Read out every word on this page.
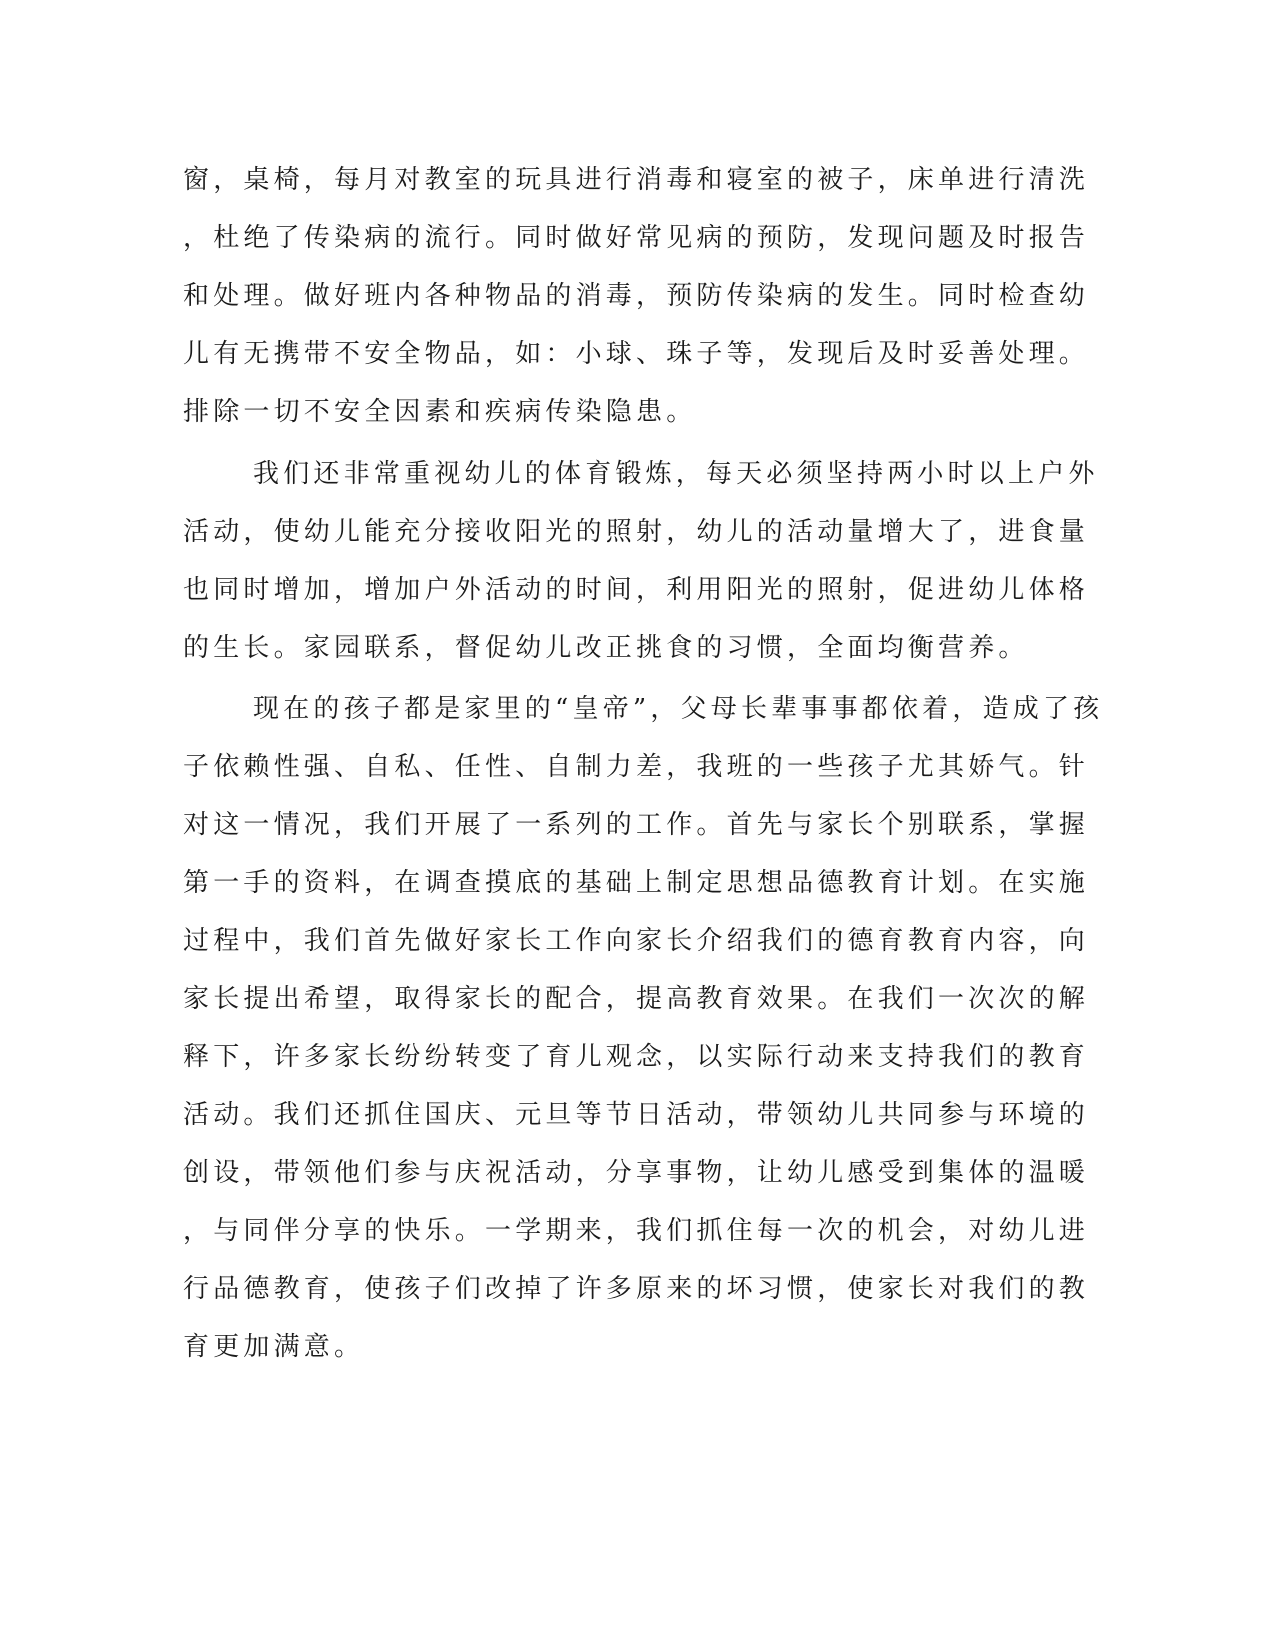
窗，桌椅，每月对教室的玩具进行消毒和寝室的被子，床单进行清洗
，杜绝了传染病的流行。同时做好常见病的预防，发现问题及时报告
和处理。做好班内各种物品的消毒，预防传染病的发生。同时检查幼
儿有无携带不安全物品，如：小球、珠子等，发现后及时妥善处理。
排除一切不安全因素和疾病传染隐患。
我们还非常重视幼儿的体育锻炼，每天必须坚持两小时以上户外
活动，使幼儿能充分接收阳光的照射，幼儿的活动量增大了，进食量
也同时增加，增加户外活动的时间，利用阳光的照射，促进幼儿体格
的生长。家园联系，督促幼儿改正挑食的习惯，全面均衡营养。
现在的孩子都是家里的“皇帝”，父母长辈事事都依着，造成了孩
子依赖性强、自私、任性、自制力差，我班的一些孩子尤其娇气。针
对这一情况，我们开展了一系列的工作。首先与家长个别联系，掌握
第一手的资料，在调查摸底的基础上制定思想品德教育计划。在实施
过程中，我们首先做好家长工作向家长介绍我们的德育教育内容，向
家长提出希望，取得家长的配合，提高教育效果。在我们一次次的解
释下，许多家长纷纷转变了育儿观念，以实际行动来支持我们的教育
活动。我们还抓住国庆、元旦等节日活动，带领幼儿共同参与环境的
创设，带领他们参与庆祝活动，分享事物，让幼儿感受到集体的温暖
，与同伴分享的快乐。一学期来，我们抓住每一次的机会，对幼儿进
行品德教育，使孩子们改掉了许多原来的坏习惯，使家长对我们的教
育更加满意。
